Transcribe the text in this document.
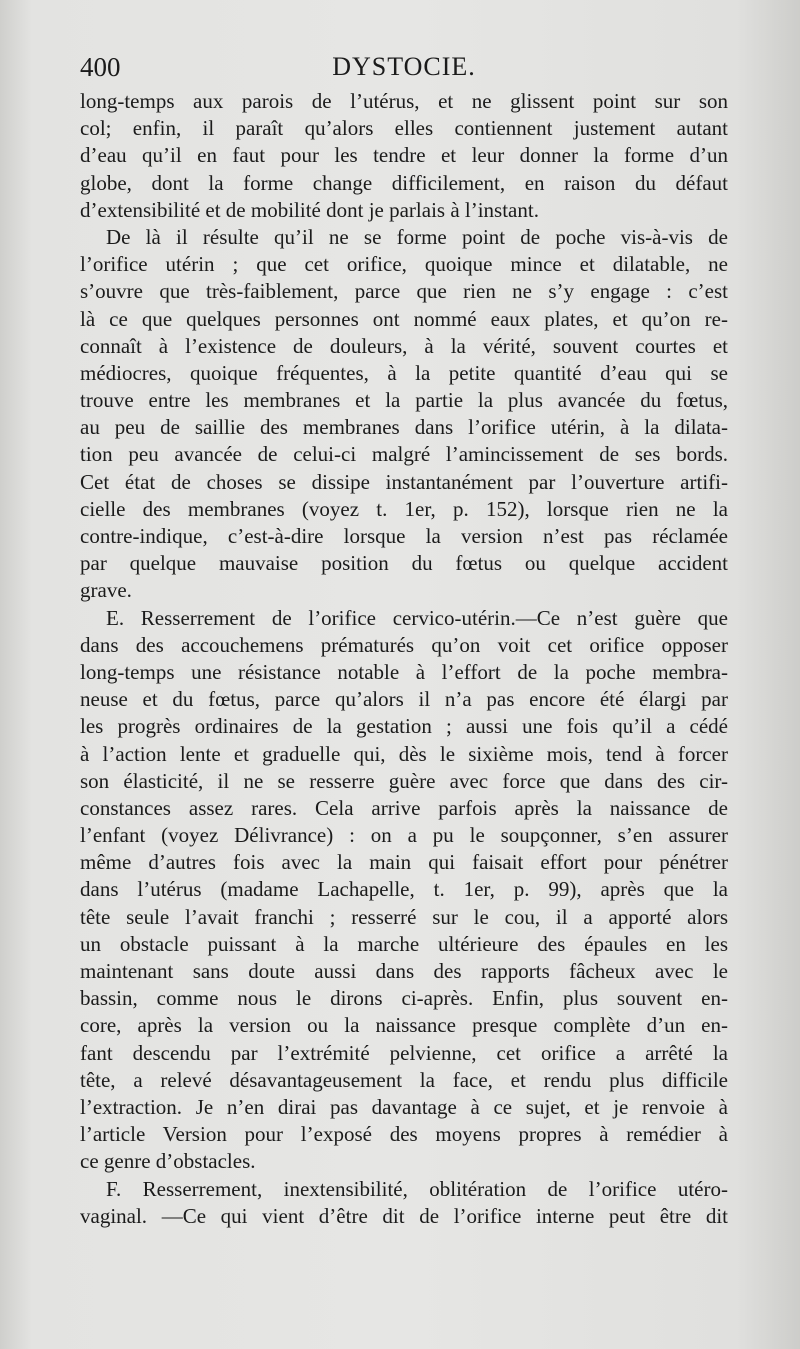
400	DYSTOCIE.
long-temps aux parois de l’utérus, et ne glissent point sur son
col; enfin, il paraît qu’alors elles contiennent justement autant
d’eau qu’il en faut pour les tendre et leur donner la forme d’un
globe, dont la forme change difficilement, en raison du défaut
d’extensibilité et de mobilité dont je parlais à l’instant.
De là il résulte qu’il ne se forme point de poche vis-à-vis de
l’orifice utérin ; que cet orifice, quoique mince et dilatable, ne
s’ouvre que très-faiblement, parce que rien ne s’y engage : c’est
là ce que quelques personnes ont nommé eaux plates, et qu’on re-
connaît à l’existence de douleurs, à la vérité, souvent courtes et
médiocres, quoique fréquentes, à la petite quantité d’eau qui se
trouve entre les membranes et la partie la plus avancée du fœtus,
au peu de saillie des membranes dans l’orifice utérin, à la dilata-
tion peu avancée de celui-ci malgré l’amincissement de ses bords.
Cet état de choses se dissipe instantanément par l’ouverture artifi-
cielle des membranes (voyez t. 1er, p. 152), lorsque rien ne la
contre-indique, c’est-à-dire lorsque la version n’est pas réclamée
par quelque mauvaise position du fœtus ou quelque accident
grave.
E. Resserrement de l’orifice cervico-utérin.—Ce n’est guère que
dans des accouchemens prématurés qu’on voit cet orifice opposer
long-temps une résistance notable à l’effort de la poche membra-
neuse et du fœtus, parce qu’alors il n’a pas encore été élargi par
les progrès ordinaires de la gestation ; aussi une fois qu’il a cédé
à l’action lente et graduelle qui, dès le sixième mois, tend à forcer
son élasticité, il ne se resserre guère avec force que dans des cir-
constances assez rares. Cela arrive parfois après la naissance de
l’enfant (voyez Délivrance) : on a pu le soupçonner, s’en assurer
même d’autres fois avec la main qui faisait effort pour pénétrer
dans l’utérus (madame Lachapelle, t. 1er, p. 99), après que la
tête seule l’avait franchi ; resserré sur le cou, il a apporté alors
un obstacle puissant à la marche ultérieure des épaules en les
maintenant sans doute aussi dans des rapports fâcheux avec le
bassin, comme nous le dirons ci-après. Enfin, plus souvent en-
core, après la version ou la naissance presque complète d’un en-
fant descendu par l’extrémité pelvienne, cet orifice a arrêté la
tête, a relevé désavantageusement la face, et rendu plus difficile
l’extraction. Je n’en dirai pas davantage à ce sujet, et je renvoie à
l’article Version pour l’exposé des moyens propres à remédier à
ce genre d’obstacles.
F. Resserrement, inextensibilité, oblitération de l’orifice utéro-
vaginal. —Ce qui vient d’être dit de l’orifice interne peut être dit
